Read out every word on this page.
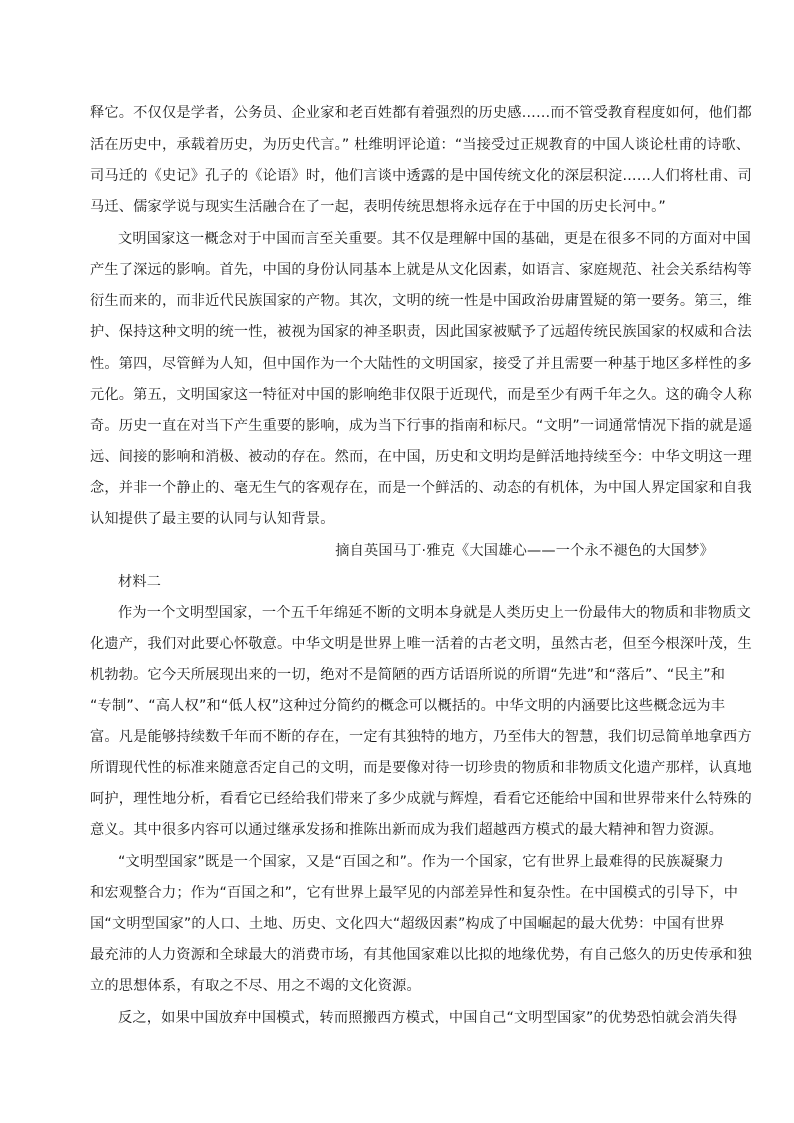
释它。不仅仅是学者，公务员、企业家和老百姓都有着强烈的历史感……而不管受教育程度如何，他们都
活在历史中，承载着历史，为历史代言。” 杜维明评论道：“当接受过正规教育的中国人谈论杜甫的诗歌、
司马迁的《史记》孔子的《论语》时，他们言谈中透露的是中国传统文化的深层积淀……人们将杜甫、司
马迁、儒家学说与现实生活融合在了一起，表明传统思想将永远存在于中国的历史长河中。”
文明国家这一概念对于中国而言至关重要。其不仅是理解中国的基础，更是在很多不同的方面对中国
产生了深远的影响。首先，中国的身份认同基本上就是从文化因素，如语言、家庭规范、社会关系结构等
衍生而来的，而非近代民族国家的产物。其次，文明的统一性是中国政治毋庸置疑的第一要务。第三，维
护、保持这种文明的统一性，被视为国家的神圣职责，因此国家被赋予了远超传统民族国家的权威和合法
性。第四，尽管鲜为人知，但中国作为一个大陆性的文明国家，接受了并且需要一种基于地区多样性的多
元化。第五，文明国家这一特征对中国的影响绝非仅限于近现代，而是至少有两千年之久。这的确令人称
奇。历史一直在对当下产生重要的影响，成为当下行事的指南和标尺。“文明”一词通常情况下指的就是遥
远、间接的影响和消极、被动的存在。然而，在中国，历史和文明均是鲜活地持续至今：中华文明这一理
念，并非一个静止的、毫无生气的客观存在，而是一个鲜活的、动态的有机体，为中国人界定国家和自我
认知提供了最主要的认同与认知背景。
摘自英国马丁·雅克《大国雄心——一个永不褪色的大国梦》
材料二
作为一个文明型国家，一个五千年绵延不断的文明本身就是人类历史上一份最伟大的物质和非物质文
化遗产，我们对此要心怀敬意。中华文明是世界上唯一活着的古老文明，虽然古老，但至今根深叶茂，生
机勃勃。它今天所展现出来的一切，绝对不是简陋的西方话语所说的所谓“先进”和“落后”、“民主”和
“专制”、“高人权”和“低人权”这种过分简约的概念可以概括的。中华文明的内涵要比这些概念远为丰
富。凡是能够持续数千年而不断的存在，一定有其独特的地方，乃至伟大的智慧，我们切忌简单地拿西方
所谓现代性的标准来随意否定自己的文明，而是要像对待一切珍贵的物质和非物质文化遗产那样，认真地
呵护，理性地分析，看看它已经给我们带来了多少成就与辉煌，看看它还能给中国和世界带来什么特殊的
意义。其中很多内容可以通过继承发扬和推陈出新而成为我们超越西方模式的最大精神和智力资源。
“文明型国家”既是一个国家，又是“百国之和”。作为一个国家，它有世界上最难得的民族凝聚力
和宏观整合力；作为“百国之和”，它有世界上最罕见的内部差异性和复杂性。在中国模式的引导下，中
国“文明型国家”的人口、土地、历史、文化四大“超级因素”构成了中国崛起的最大优势：中国有世界
最充沛的人力资源和全球最大的消费市场，有其他国家难以比拟的地缘优势，有自己悠久的历史传承和独
立的思想体系，有取之不尽、用之不竭的文化资源。
反之，如果中国放弃中国模式，转而照搬西方模式，中国自己“文明型国家”的优势恐怕就会消失得
